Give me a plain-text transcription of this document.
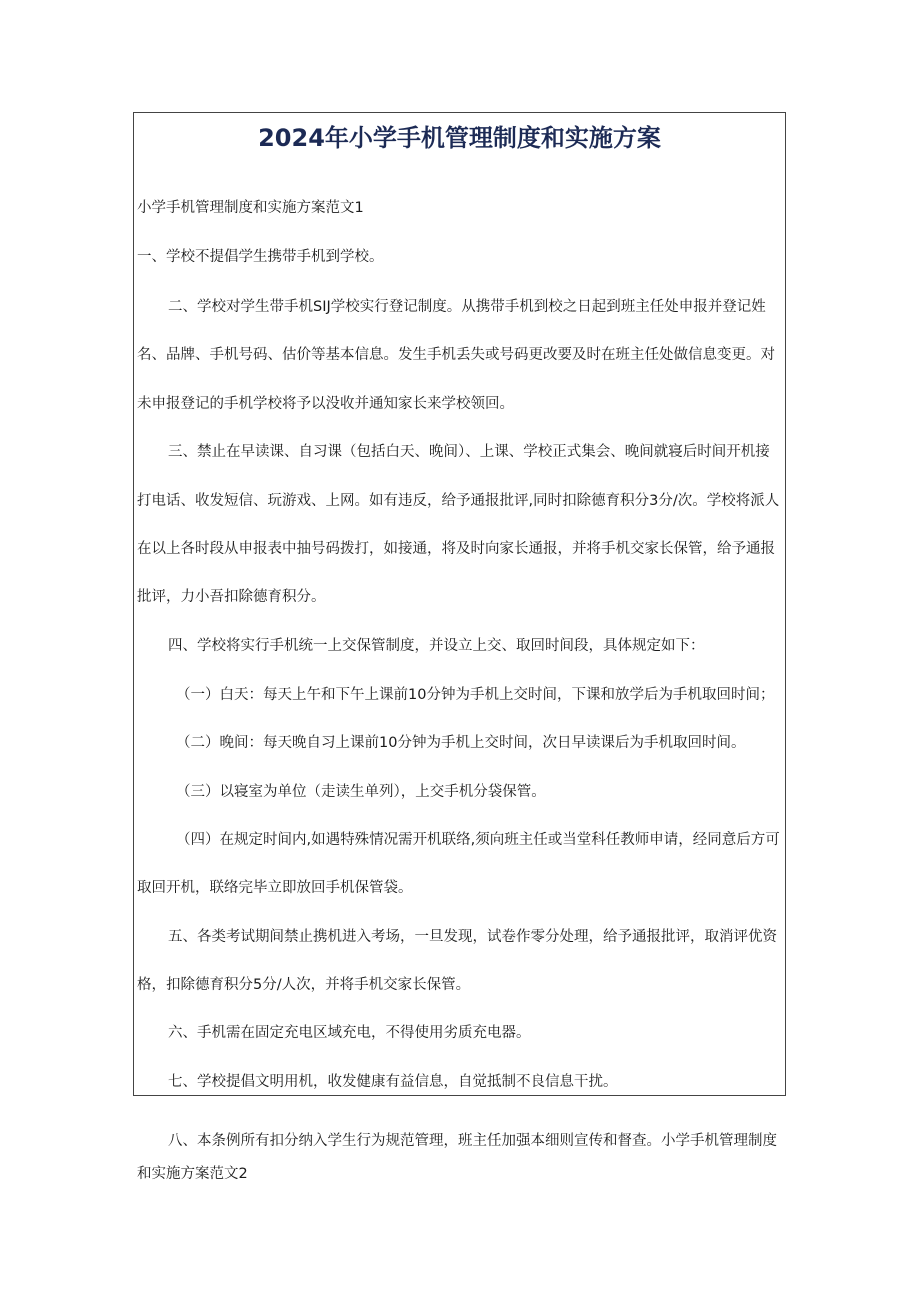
2024年小学手机管理制度和实施方案
小学手机管理制度和实施方案范文1
一、学校不提倡学生携带手机到学校。
二、学校对学生带手机SIJ学校实行登记制度。从携带手机到校之日起到班主任处申报并登记姓
名、品牌、手机号码、估价等基本信息。发生手机丢失或号码更改要及时在班主任处做信息变更。对
未申报登记的手机学校将予以没收并通知家长来学校领回。
三、禁止在早读课、自习课（包括白天、晚间）、上课、学校正式集会、晚间就寝后时间开机接
打电话、收发短信、玩游戏、上网。如有违反，给予通报批评,同时扣除德育积分3分/次。学校将派人
在以上各时段从申报表中抽号码拨打，如接通，将及时向家长通报，并将手机交家长保管，给予通报
批评，力小吾扣除德育积分。
四、学校将实行手机统一上交保管制度，并设立上交、取回时间段，具体规定如下：
（一）白天：每天上午和下午上课前10分钟为手机上交时间，下课和放学后为手机取回时间；
（二）晚间：每天晚自习上课前10分钟为手机上交时间，次日早读课后为手机取回时间。
（三）以寝室为单位（走读生单列），上交手机分袋保管。
（四）在规定时间内,如遇特殊情况需开机联络,须向班主任或当堂科任教师申请，经同意后方可
取回开机，联络完毕立即放回手机保管袋。
五、各类考试期间禁止携机进入考场，一旦发现，试卷作零分处理，给予通报批评，取消评优资
格，扣除德育积分5分/人次，并将手机交家长保管。
六、手机需在固定充电区域充电，不得使用劣质充电器。
七、学校提倡文明用机，收发健康有益信息，自觉抵制不良信息干扰。
八、本条例所有扣分纳入学生行为规范管理，班主任加强本细则宣传和督查。小学手机管理制度
和实施方案范文2
